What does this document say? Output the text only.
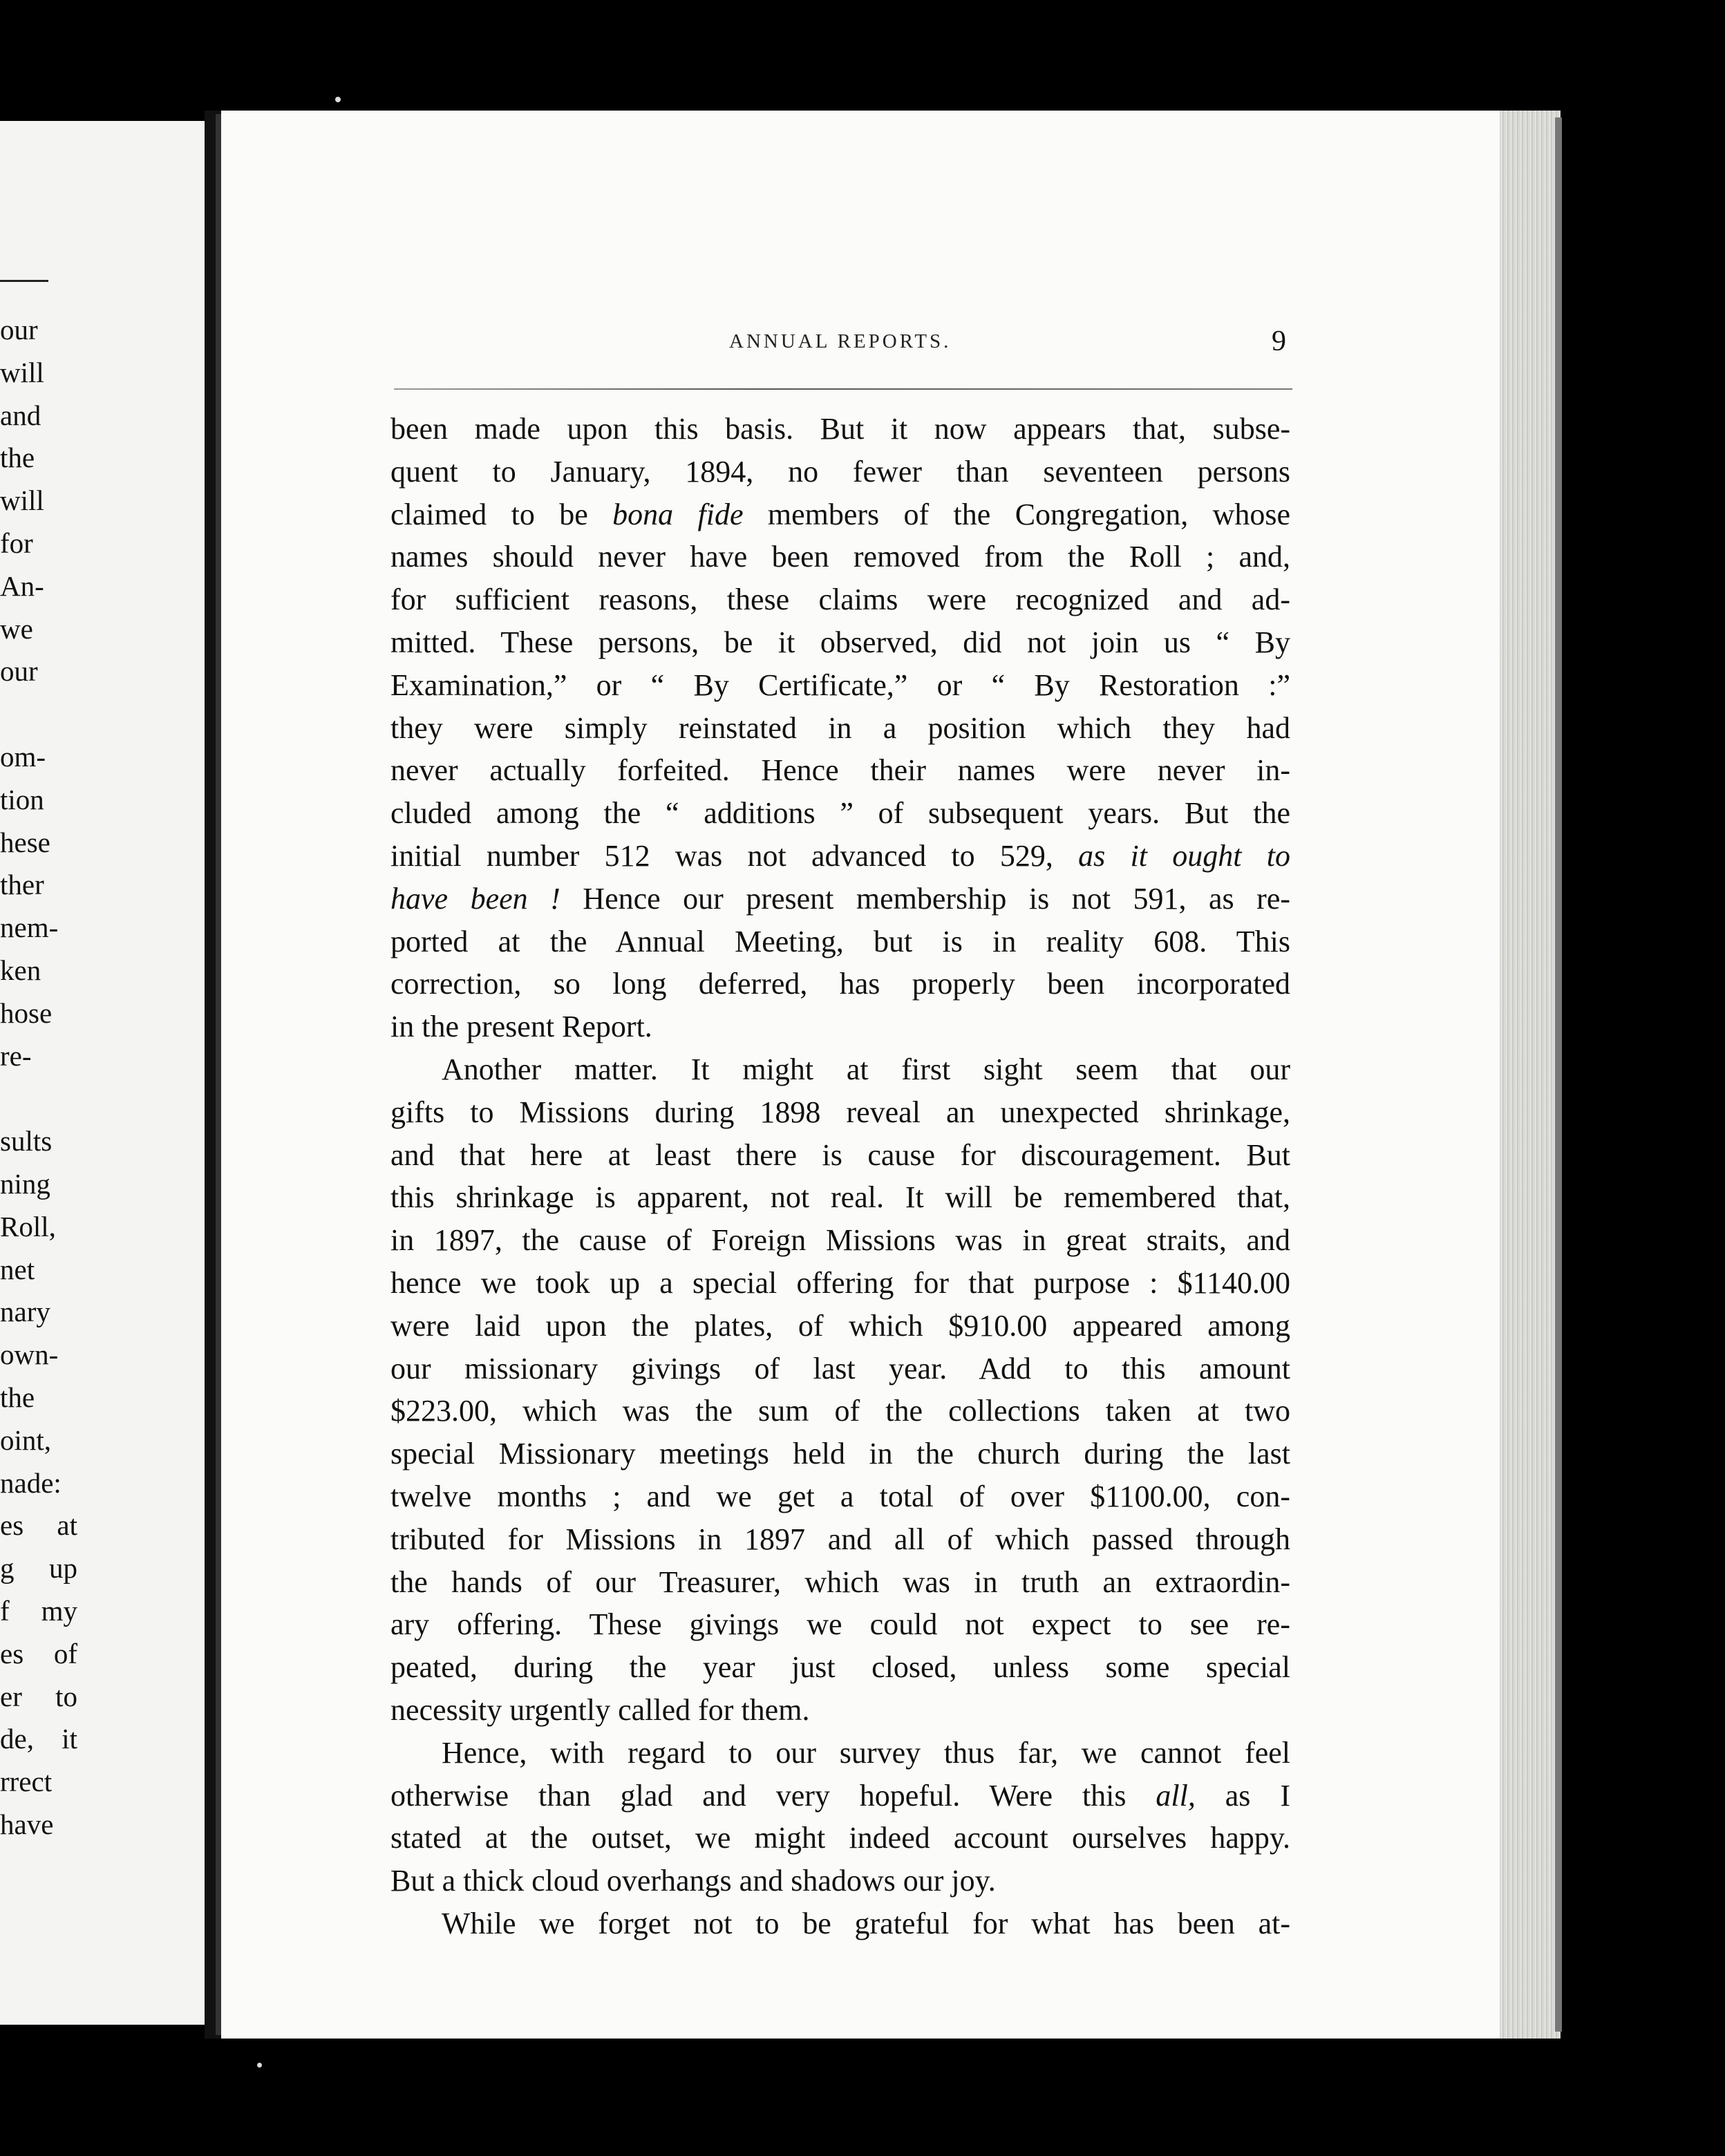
our
will
and
the
will
for
An-
we
our
om-
tion
hese
ther
nem-
ken
hose
re-
sults
ning
Roll,
net
nary
own-
the
oint,
nade:
es at
g up
f my
es of
er to
de, it
rrect
have
ANNUAL REPORTS.	9
been made upon this basis. But it now appears that, subse-
quent to January, 1894, no fewer than seventeen persons
claimed to be bona fide members of the Congregation, whose
names should never have been removed from the Roll ; and,
for sufficient reasons, these claims were recognized and ad-
mitted. These persons, be it observed, did not join us “ By
Examination,” or “ By Certificate,” or “ By Restoration :”
they were simply reinstated in a position which they had
never actually forfeited. Hence their names were never in-
cluded among the “ additions ” of subsequent years. But the
initial number 512 was not advanced to 529, as it ought to
have been ! Hence our present membership is not 591, as re-
ported at the Annual Meeting, but is in reality 608. This
correction, so long deferred, has properly been incorporated
in the present Report.
Another matter. It might at first sight seem that our
gifts to Missions during 1898 reveal an unexpected shrinkage,
and that here at least there is cause for discouragement. But
this shrinkage is apparent, not real. It will be remembered that,
in 1897, the cause of Foreign Missions was in great straits, and
hence we took up a special offering for that purpose : $1140.00
were laid upon the plates, of which $910.00 appeared among
our missionary givings of last year. Add to this amount
$223.00, which was the sum of the collections taken at two
special Missionary meetings held in the church during the last
twelve months ; and we get a total of over $1100.00, con-
tributed for Missions in 1897 and all of which passed through
the hands of our Treasurer, which was in truth an extraordin-
ary offering. These givings we could not expect to see re-
peated, during the year just closed, unless some special
necessity urgently called for them.
Hence, with regard to our survey thus far, we cannot feel
otherwise than glad and very hopeful. Were this all, as I
stated at the outset, we might indeed account ourselves happy.
But a thick cloud overhangs and shadows our joy.
While we forget not to be grateful for what has been at-
